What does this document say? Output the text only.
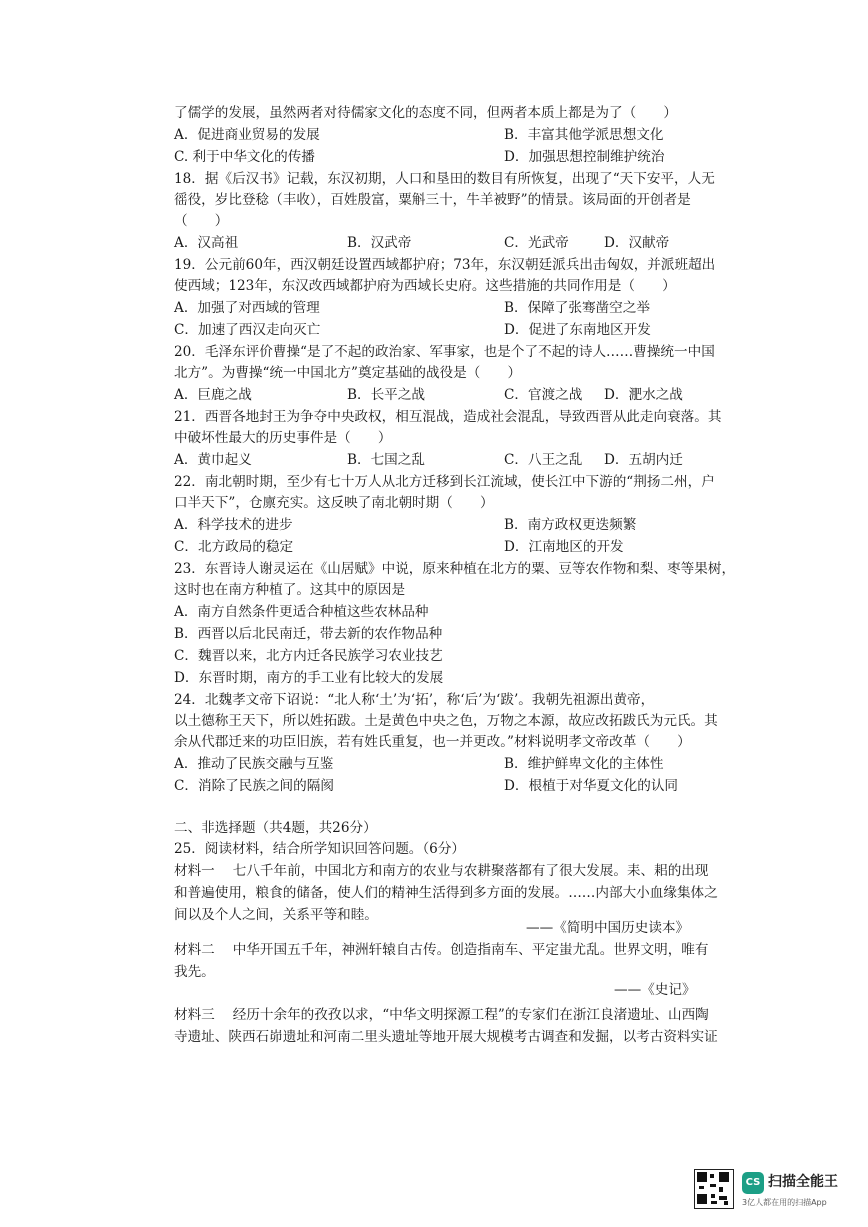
了儒学的发展，虽然两者对待儒家文化的态度不同，但两者本质上都是为了（　　）
A．促进商业贸易的发展	B．丰富其他学派思想文化
C. 利于中华文化的传播	D．加强思想控制维护统治
18．据《后汉书》记载，东汉初期，人口和垦田的数目有所恢复，出现了“天下安平，人无
徭役，岁比登稔（丰收），百姓殷富，粟斛三十，牛羊被野”的情景。该局面的开创者是
（　　）
A．汉高祖	B．汉武帝	C．光武帝	D．汉献帝
19．公元前60年，西汉朝廷设置西域都护府；73年，东汉朝廷派兵出击匈奴，并派班超出
使西域；123年，东汉改西域都护府为西域长史府。这些措施的共同作用是（　　）
A．加强了对西域的管理	B．保障了张骞凿空之举
C．加速了西汉走向灭亡	D．促进了东南地区开发
20．毛泽东评价曹操“是了不起的政治家、军事家，也是个了不起的诗人……曹操统一中国
北方”。为曹操“统一中国北方”奠定基础的战役是（　　）
A．巨鹿之战	B．长平之战	C．官渡之战 D．淝水之战
21．西晋各地封王为争夺中央政权，相互混战，造成社会混乱，导致西晋从此走向衰落。其
中破坏性最大的历史事件是（　　）
A．黄巾起义	B．七国之乱	C．八王之乱 D．五胡内迁
22．南北朝时期，至少有七十万人从北方迁移到长江流域，使长江中下游的“荆扬二州，户
口半天下”，仓廪充实。这反映了南北朝时期（　　）
A．科学技术的进步	B．南方政权更迭频繁
C．北方政局的稳定	D．江南地区的开发
23．东晋诗人谢灵运在《山居赋》中说，原来种植在北方的粟、豆等农作物和梨、枣等果树，
这时也在南方种植了。这其中的原因是
A．南方自然条件更适合种植这些农林品种
B．西晋以后北民南迁，带去新的农作物品种
C．魏晋以来，北方内迁各民族学习农业技艺
D．东晋时期，南方的手工业有比较大的发展
24．北魏孝文帝下诏说：“北人称‘土’为‘拓’，称‘后’为‘跋’。我朝先祖源出黄帝，
以土德称王天下，所以姓拓跋。土是黄色中央之色，万物之本源，故应改拓跋氏为元氏。其
余从代郡迁来的功臣旧族，若有姓氏重复，也一并更改。”材料说明孝文帝改革（　　）
A．推动了民族交融与互鉴	B．维护鲜卑文化的主体性
C．消除了民族之间的隔阂	D．根植于对华夏文化的认同
二、非选择题（共4题，共26分）
25．阅读材料，结合所学知识回答问题。（6分）
材料一　 七八千年前，中国北方和南方的农业与农耕聚落都有了很大发展。耒、耜的出现
和普遍使用，粮食的储备，使人们的精神生活得到多方面的发展。……内部大小血缘集体之
间以及个人之间，关系平等和睦。
——《简明中国历史读本》
材料二　 中华开国五千年，神洲轩辕自古传。创造指南车、平定蚩尤乱。世界文明，唯有
我先。
——《史记》
材料三　 经历十余年的孜孜以求，“中华文明探源工程”的专家们在浙江良渚遗址、山西陶
寺遗址、陕西石峁遗址和河南二里头遗址等地开展大规模考古调查和发掘，以考古资料实证
CS 扫描全能王
3亿人都在用的扫描App
